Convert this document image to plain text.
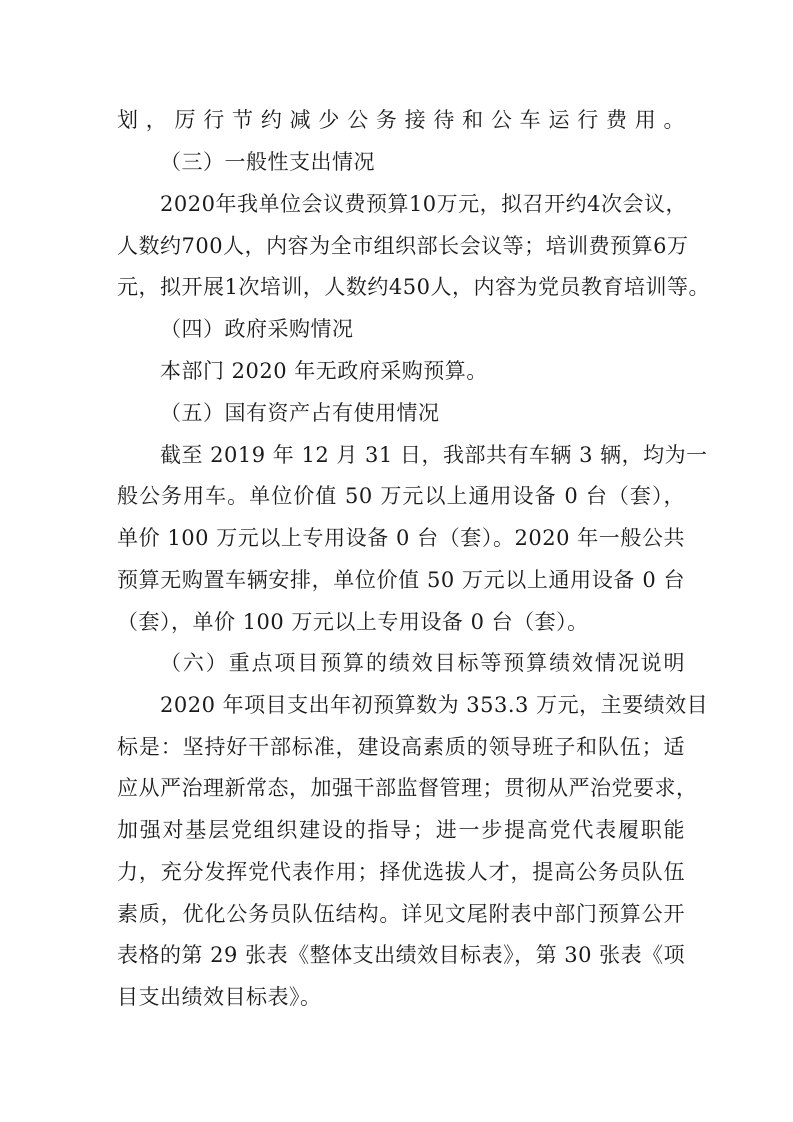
划，厉行节约减少公务接待和公车运行费用。
（三）一般性支出情况
2020年我单位会议费预算10万元，拟召开约4次会议，
人数约700人，内容为全市组织部长会议等；培训费预算6万
元，拟开展1次培训，人数约450人，内容为党员教育培训等。
（四）政府采购情况
本部门 2020 年无政府采购预算。
（五）国有资产占有使用情况
截至 2019 年 12 月 31 日，我部共有车辆 3 辆，均为一
般公务用车。单位价值 50 万元以上通用设备 0 台（套），
单价 100 万元以上专用设备 0 台（套）。2020 年一般公共
预算无购置车辆安排，单位价值 50 万元以上通用设备 0 台
（套），单价 100 万元以上专用设备 0 台（套）。
（六）重点项目预算的绩效目标等预算绩效情况说明
2020 年项目支出年初预算数为 353.3 万元，主要绩效目
标是：坚持好干部标准，建设高素质的领导班子和队伍；适
应从严治理新常态，加强干部监督管理；贯彻从严治党要求，
加强对基层党组织建设的指导；进一步提高党代表履职能
力，充分发挥党代表作用；择优选拔人才，提高公务员队伍
素质，优化公务员队伍结构。详见文尾附表中部门预算公开
表格的第 29 张表《整体支出绩效目标表》，第 30 张表《项
目支出绩效目标表》。
